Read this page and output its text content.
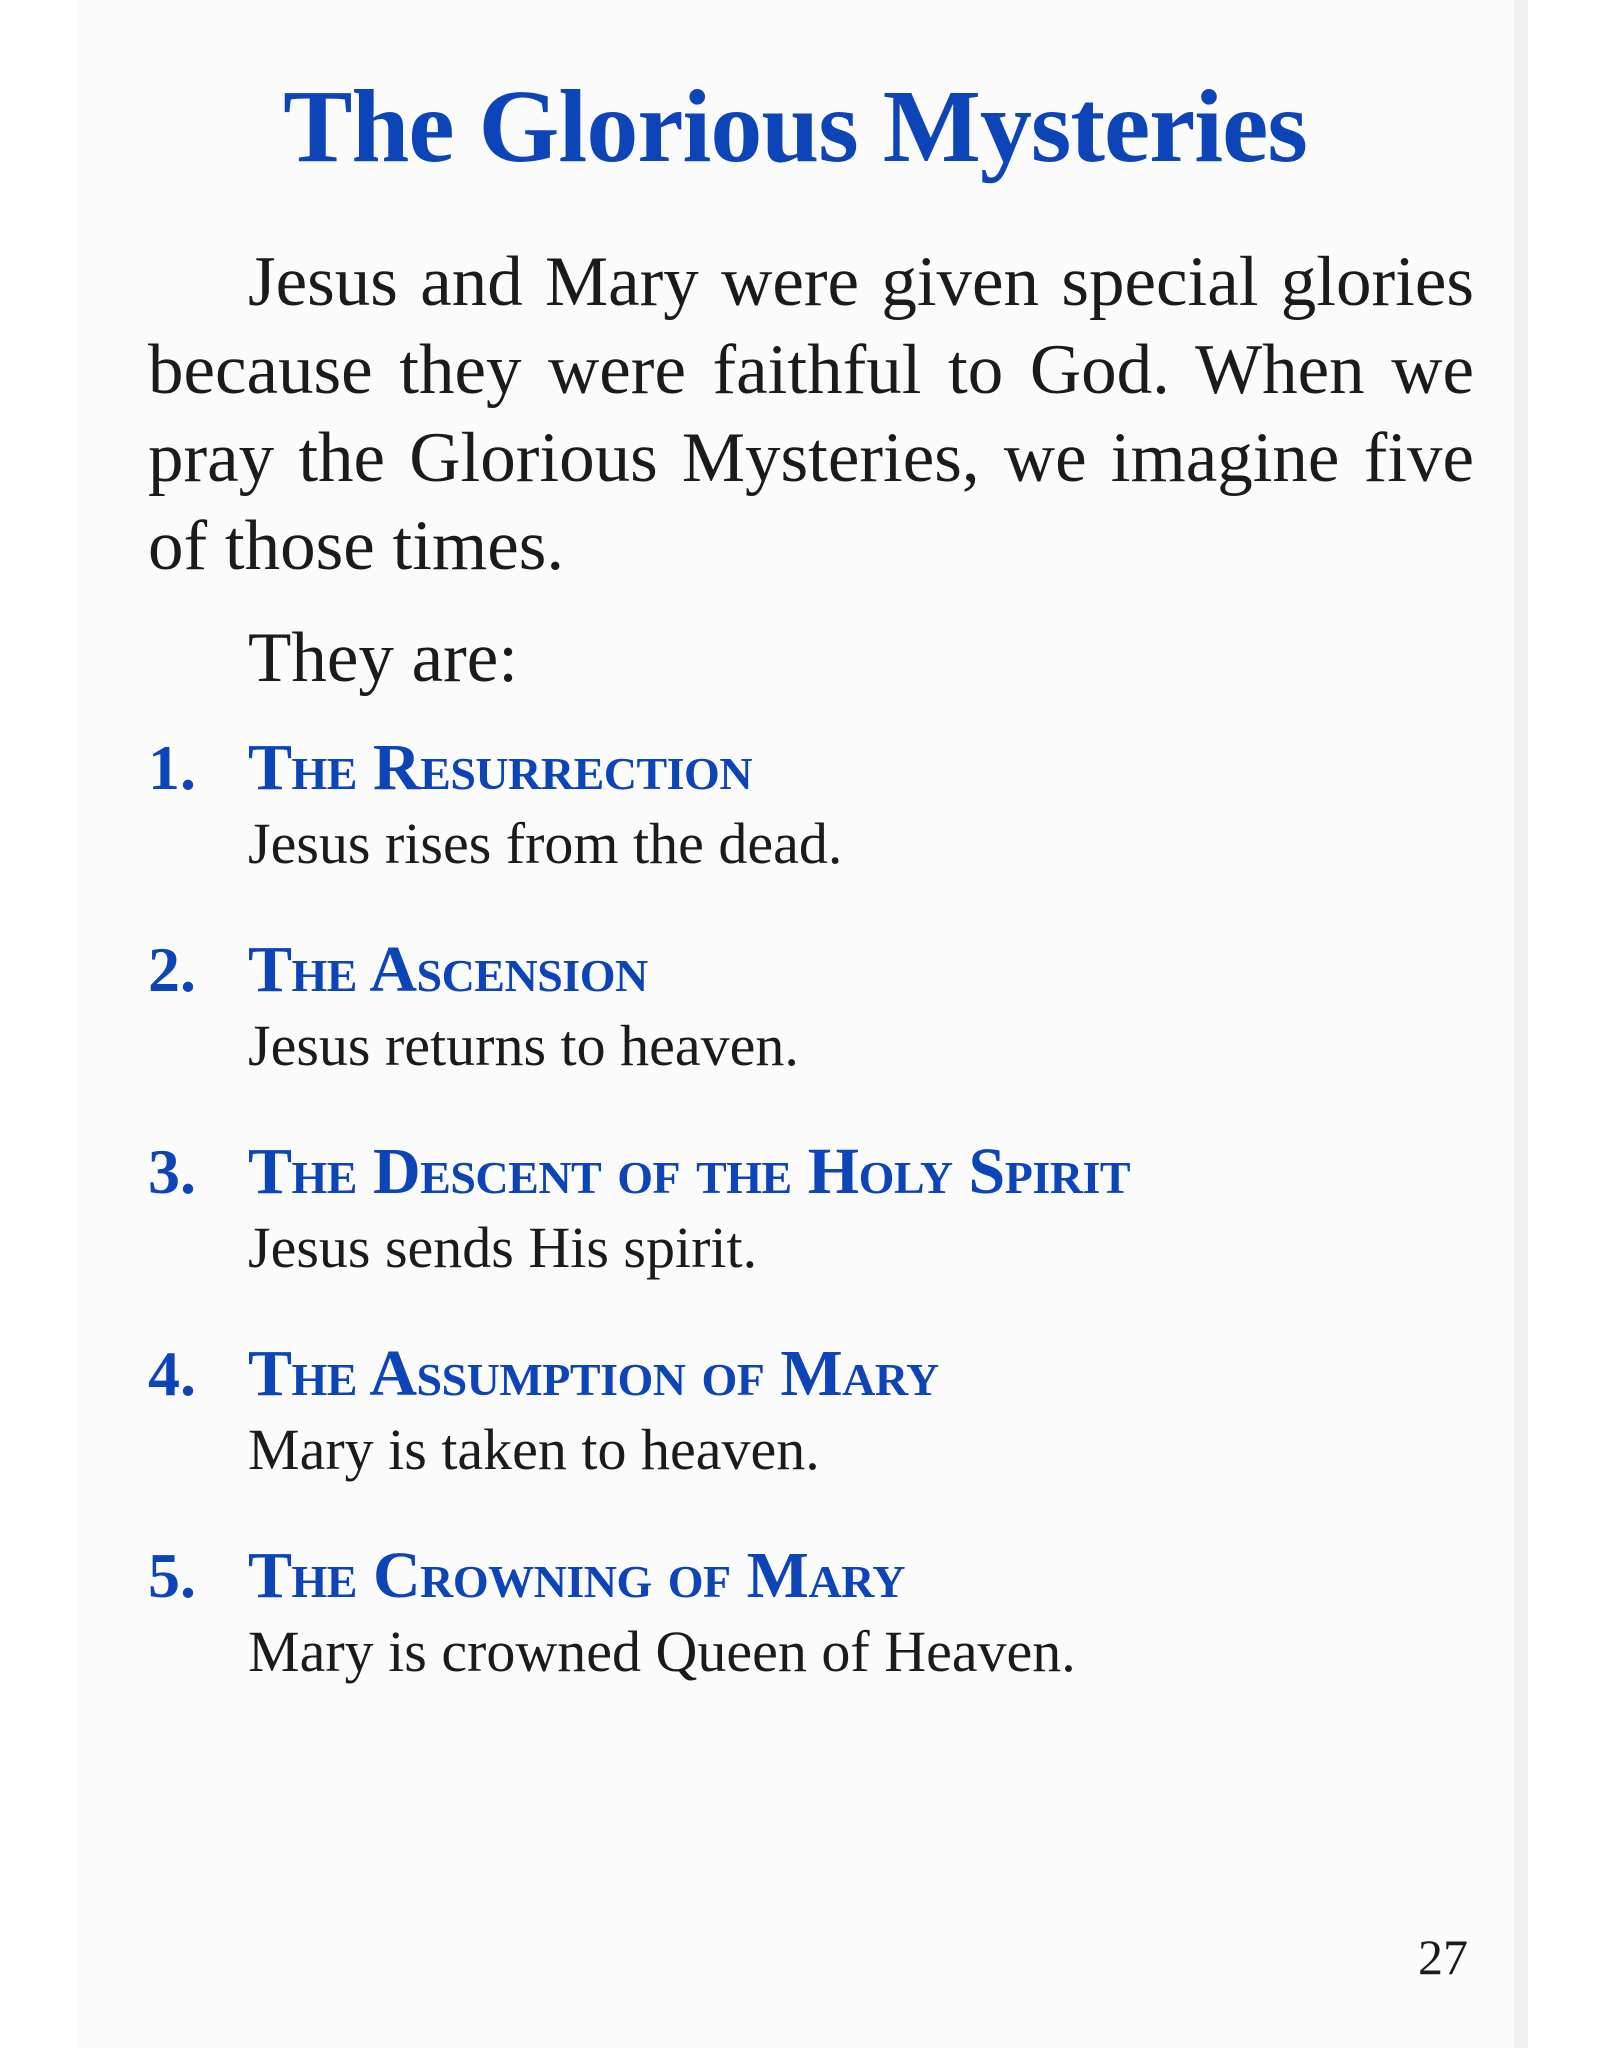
The Glorious Mysteries

Jesus and Mary were given special glories because they were faithful to God. When we pray the Glorious Mysteries, we imagine five of those times.

They are:

1. The Resurrection
Jesus rises from the dead.
2. The Ascension
Jesus returns to heaven.
3. The Descent of the Holy Spirit
Jesus sends His spirit.
4. The Assumption of Mary
Mary is taken to heaven.
5. The Crowning of Mary
Mary is crowned Queen of Heaven.
27
